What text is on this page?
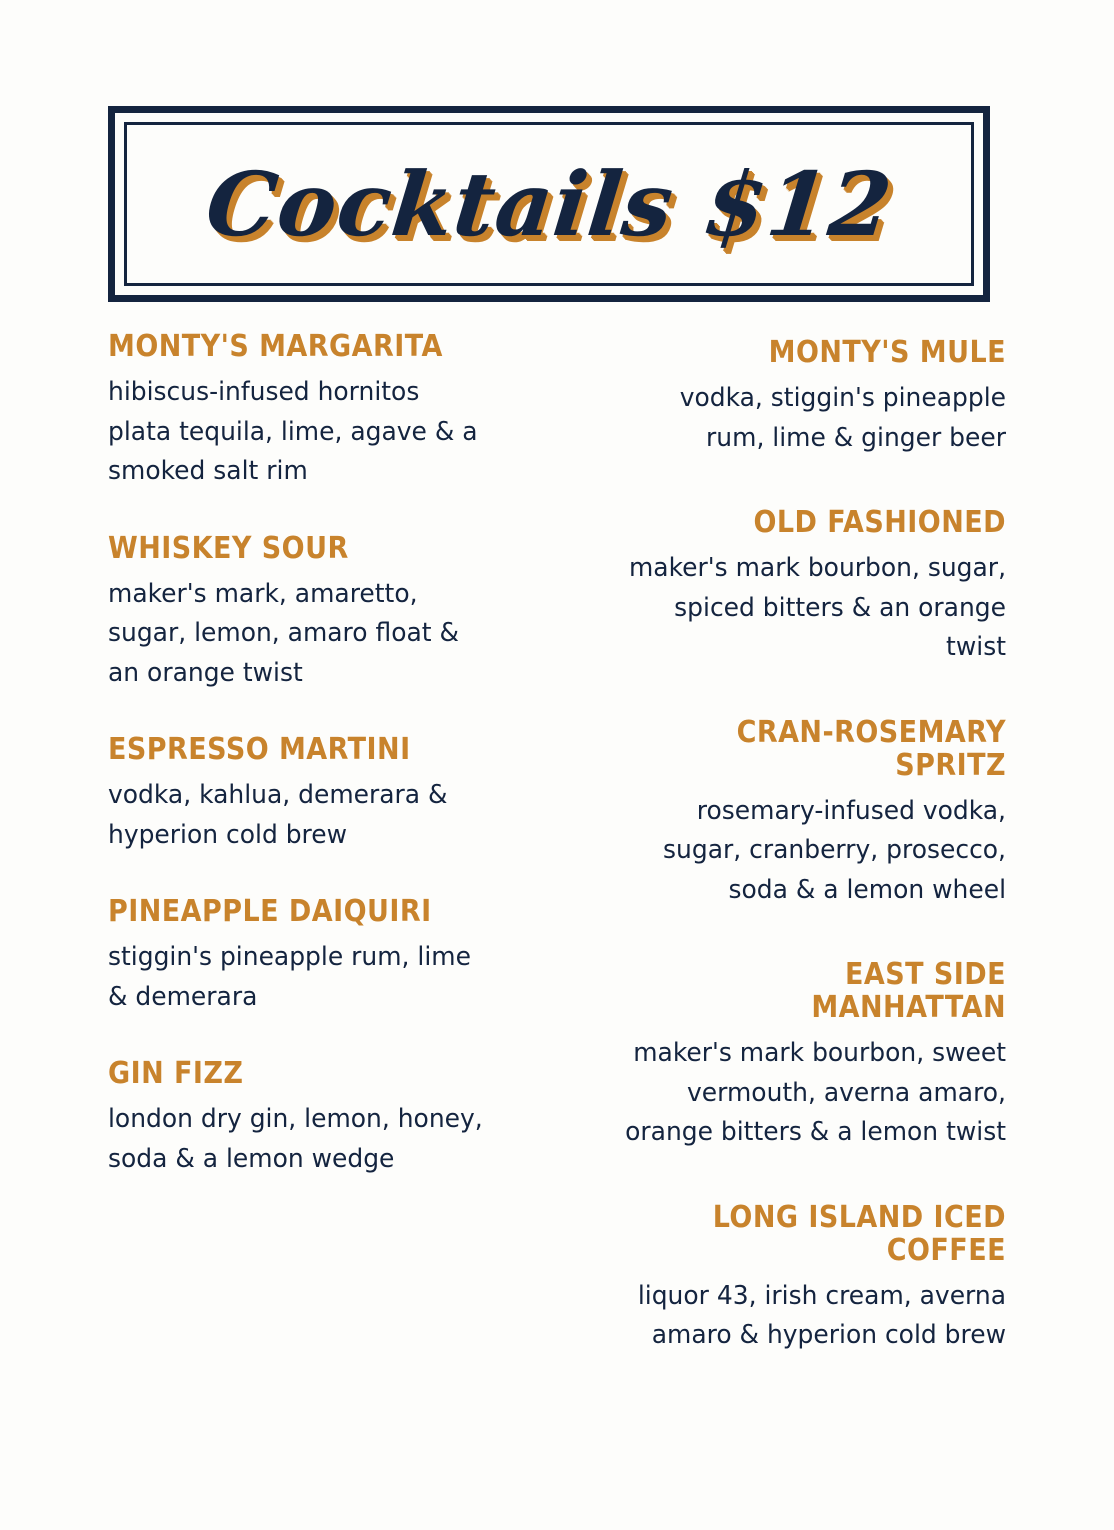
Cocktails $12
MONTY'S MARGARITA
hibiscus-infused hornitos plata tequila, lime, agave & a smoked salt rim
WHISKEY SOUR
maker's mark, amaretto, sugar, lemon, amaro float & an orange twist
ESPRESSO MARTINI
vodka, kahlua, demerara & hyperion cold brew
PINEAPPLE DAIQUIRI
stiggin's pineapple rum, lime & demerara
GIN FIZZ
london dry gin, lemon, honey, soda & a lemon wedge
MONTY'S MULE
vodka, stiggin's pineapple rum, lime & ginger beer
OLD FASHIONED
maker's mark bourbon, sugar, spiced bitters & an orange twist
CRAN-ROSEMARY SPRITZ
rosemary-infused vodka, sugar, cranberry, prosecco, soda & a lemon wheel
EAST SIDE MANHATTAN
maker's mark bourbon, sweet vermouth, averna amaro, orange bitters & a lemon twist
LONG ISLAND ICED COFFEE
liquor 43, irish cream, averna amaro & hyperion cold brew
